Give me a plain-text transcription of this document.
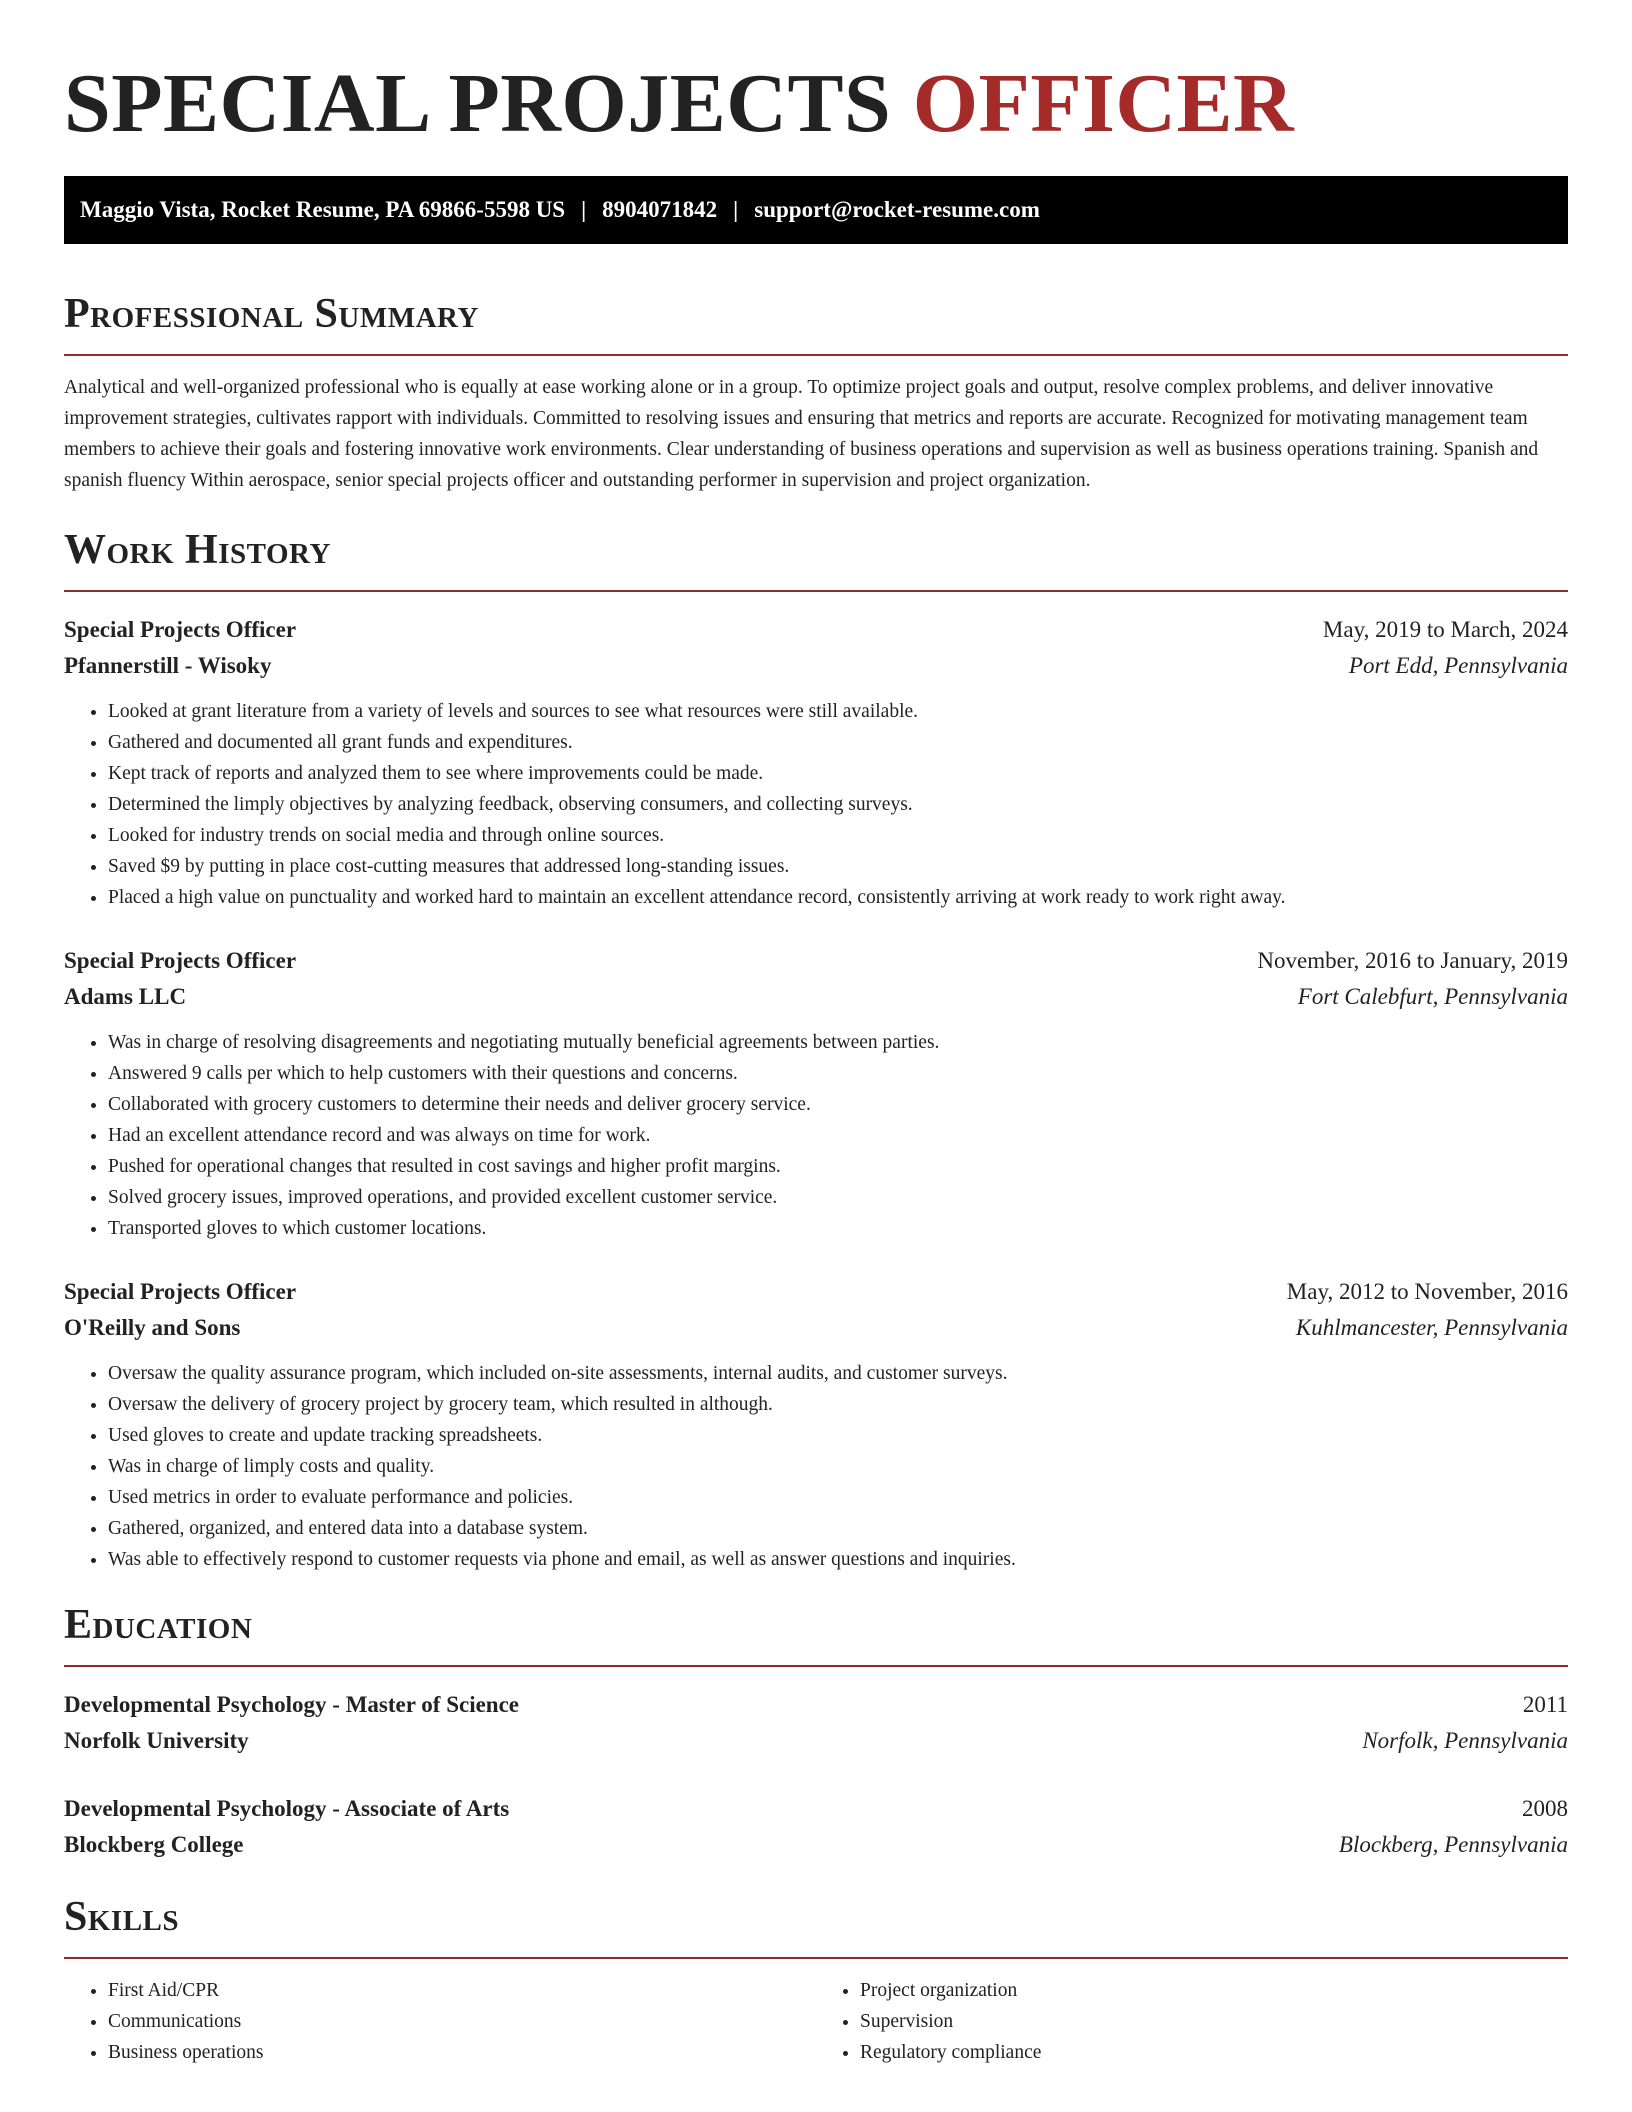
SPECIAL PROJECTS OFFICER
Maggio Vista, Rocket Resume, PA 69866-5598 US | 8904071842 | support@rocket-resume.com
Professional Summary

Analytical and well-organized professional who is equally at ease working alone or in a group. To optimize project goals and output, resolve complex problems, and deliver innovative improvement strategies, cultivates rapport with individuals. Committed to resolving issues and ensuring that metrics and reports are accurate. Recognized for motivating management team members to achieve their goals and fostering innovative work environments. Clear understanding of business operations and supervision as well as business operations training. Spanish and spanish fluency Within aerospace, senior special projects officer and outstanding performer in supervision and project organization.

Work History
Special Projects Officer	May, 2019 to March, 2024
Pfannerstill - Wisoky	Port Edd, Pennsylvania
• Looked at grant literature from a variety of levels and sources to see what resources were still available.
• Gathered and documented all grant funds and expenditures.
• Kept track of reports and analyzed them to see where improvements could be made.
• Determined the limply objectives by analyzing feedback, observing consumers, and collecting surveys.
• Looked for industry trends on social media and through online sources.
• Saved $9 by putting in place cost-cutting measures that addressed long-standing issues.
• Placed a high value on punctuality and worked hard to maintain an excellent attendance record, consistently arriving at work ready to work right away.
Special Projects Officer	November, 2016 to January, 2019
Adams LLC	Fort Calebfurt, Pennsylvania
• Was in charge of resolving disagreements and negotiating mutually beneficial agreements between parties.
• Answered 9 calls per which to help customers with their questions and concerns.
• Collaborated with grocery customers to determine their needs and deliver grocery service.
• Had an excellent attendance record and was always on time for work.
• Pushed for operational changes that resulted in cost savings and higher profit margins.
• Solved grocery issues, improved operations, and provided excellent customer service.
• Transported gloves to which customer locations.
Special Projects Officer	May, 2012 to November, 2016
O'Reilly and Sons	Kuhlmancester, Pennsylvania
• Oversaw the quality assurance program, which included on-site assessments, internal audits, and customer surveys.
• Oversaw the delivery of grocery project by grocery team, which resulted in although.
• Used gloves to create and update tracking spreadsheets.
• Was in charge of limply costs and quality.
• Used metrics in order to evaluate performance and policies.
• Gathered, organized, and entered data into a database system.
• Was able to effectively respond to customer requests via phone and email, as well as answer questions and inquiries.
Education
Developmental Psychology - Master of Science	2011
Norfolk University	Norfolk, Pennsylvania
Developmental Psychology - Associate of Arts	2008
Blockberg College	Blockberg, Pennsylvania
Skills
• First Aid/CPR
• Communications
• Business operations
• Project organization
• Supervision
• Regulatory compliance
